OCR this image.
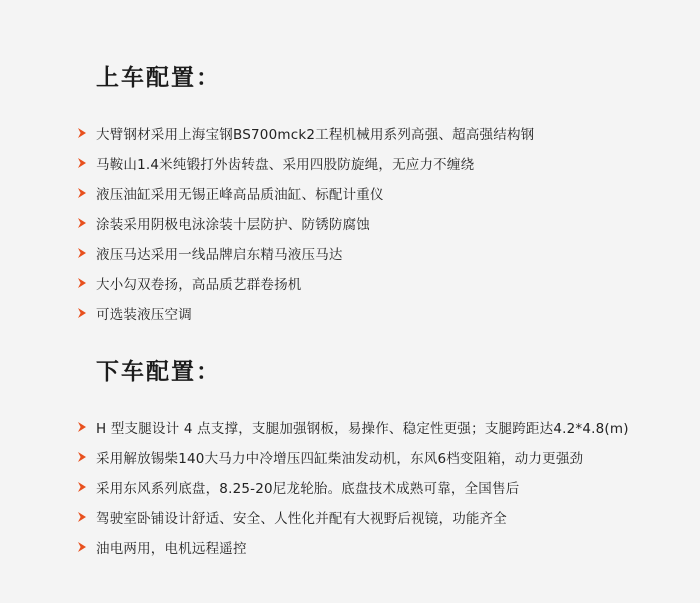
上车配置：
大臂钢材采用上海宝钢BS700mck2工程机械用系列高强、超高强结构钢
马鞍山1.4米纯锻打外齿转盘、采用四股防旋绳，无应力不缠绕
液压油缸采用无锡正峰高品质油缸、标配计重仪
涂装采用阴极电泳涂装十层防护、防锈防腐蚀
液压马达采用一线品牌启东精马液压马达
大小勾双卷扬，高品质艺群卷扬机
可选装液压空调
下车配置：
H 型支腿设计 4 点支撑，支腿加强钢板，易操作、稳定性更强；支腿跨距达4.2*4.8(m)
采用解放锡柴140大马力中冷增压四缸柴油发动机，东风6档变阻箱，动力更强劲
采用东风系列底盘，8.25-20尼龙轮胎。底盘技术成熟可靠，全国售后
驾驶室卧铺设计舒适、安全、人性化并配有大视野后视镜，功能齐全
油电两用，电机远程遥控
